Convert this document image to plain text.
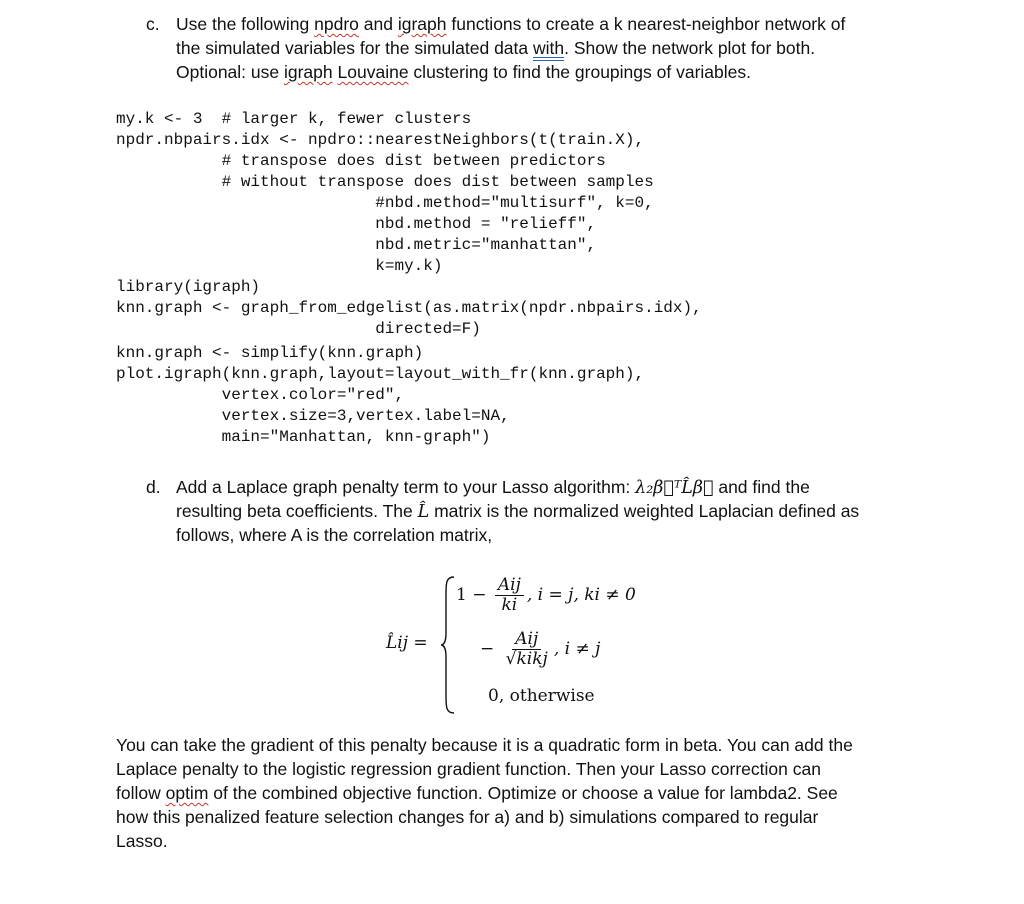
c. Use the following npdro and igraph functions to create a k nearest-neighbor network of
the simulated variables for the simulated data with. Show the network plot for both.
Optional: use igraph Louvaine clustering to find the groupings of variables.
my.k <- 3  # larger k, fewer clusters
npdr.nbpairs.idx <- npdro::nearestNeighbors(t(train.X),
# transpose does dist between predictors
# without transpose does dist between samples
#nbd.method="multisurf", k=0,
nbd.method = "relieff",
nbd.metric="manhattan",
k=my.k)
library(igraph)
knn.graph <- graph_from_edgelist(as.matrix(npdr.nbpairs.idx),
directed=F)
knn.graph <- simplify(knn.graph)
plot.igraph(knn.graph,layout=layout_with_fr(knn.graph),
vertex.color="red",
vertex.size=3,vertex.label=NA,
main="Manhattan, knn-graph")
d. Add a Laplace graph penalty term to your Lasso algorithm: λ₂β⃗ᵀL̂β⃗ and find the
resulting beta coefficients. The L̂ matrix is the normalized weighted Laplacian defined as
follows, where A is the correlation matrix,
L̂ij =
$1 - \frac{\text{Aij}}{ki}$ , i = j, ki ≠ 0
− $\frac{\text{Aij}}{\text{√kikj}}$ , i ≠ j
0, otherwise
You can take the gradient of this penalty because it is a quadratic form in beta. You can add the
Laplace penalty to the logistic regression gradient function. Then your Lasso correction can
follow optim of the combined objective function. Optimize or choose a value for lambda2. See
how this penalized feature selection changes for a) and b) simulations compared to regular
Lasso.
